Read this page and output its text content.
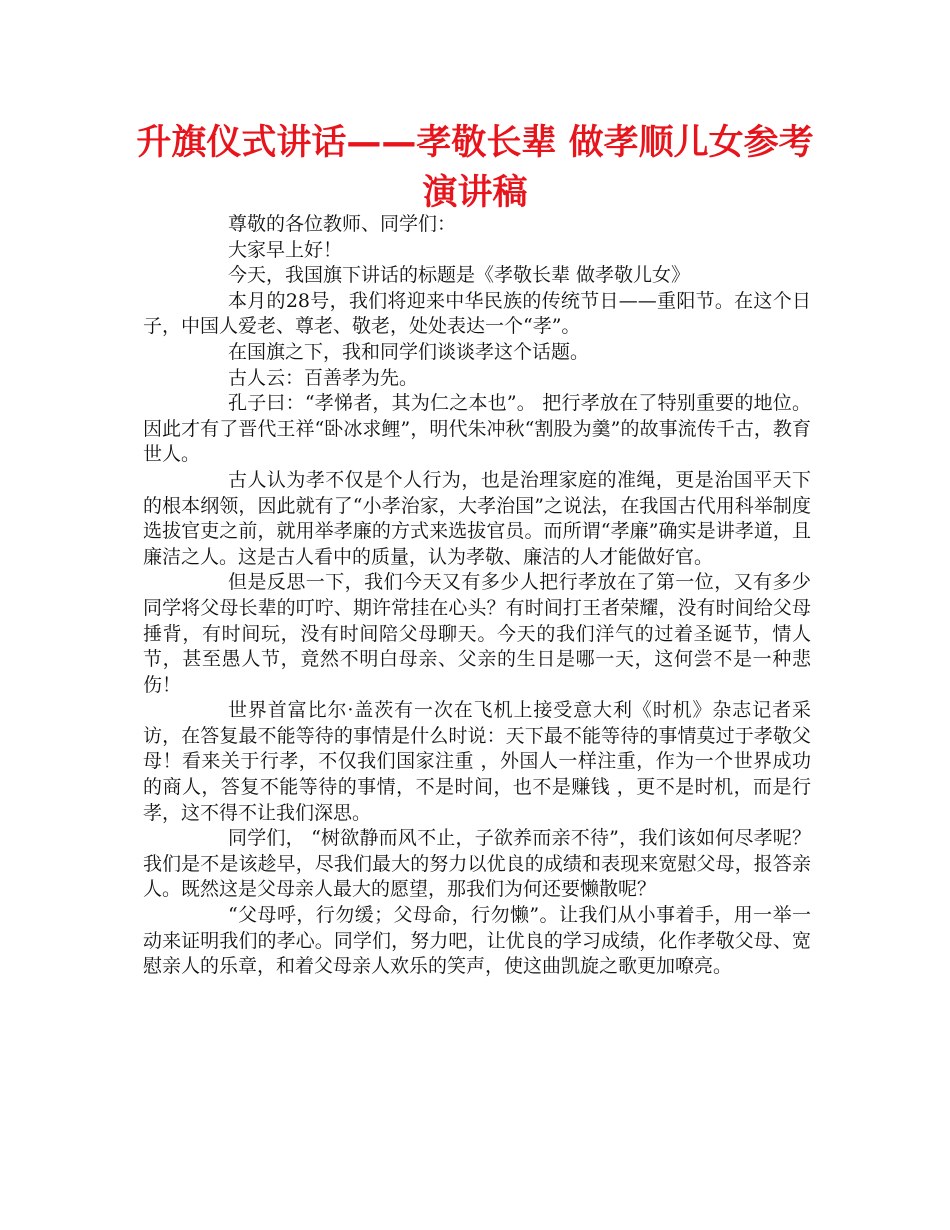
升旗仪式讲话——孝敬长辈 做孝顺儿女参考演讲稿

尊敬的各位教师、同学们：

大家早上好！

今天，我国旗下讲话的标题是《孝敬长辈 做孝敬儿女》

本月的28号，我们将迎来中华民族的传统节日——重阳节。在这个日子，中国人爱老、尊老、敬老，处处表达一个“孝”。

在国旗之下，我和同学们谈谈孝这个话题。

古人云：百善孝为先。

孔子曰：“孝悌者，其为仁之本也”。 把行孝放在了特别重要的地位。因此才有了晋代王祥“卧冰求鲤”，明代朱冲秋“割股为羹”的故事流传千古，教育世人。

古人认为孝不仅是个人行为，也是治理家庭的准绳，更是治国平天下的根本纲领，因此就有了“小孝治家，大孝治国”之说法，在我国古代用科举制度选拔官吏之前，就用举孝廉的方式来选拔官员。而所谓“孝廉”确实是讲孝道，且廉洁之人。这是古人看中的质量，认为孝敬、廉洁的人才能做好官。

但是反思一下，我们今天又有多少人把行孝放在了第一位，又有多少同学将父母长辈的叮咛、期许常挂在心头？有时间打王者荣耀，没有时间给父母捶背，有时间玩，没有时间陪父母聊天。今天的我们洋气的过着圣诞节，情人节，甚至愚人节，竟然不明白母亲、父亲的生日是哪一天，这何尝不是一种悲伤！

世界首富比尔·盖茨有一次在飞机上接受意大利《时机》杂志记者采访，在答复最不能等待的事情是什么时说：天下最不能等待的事情莫过于孝敬父母！看来关于行孝，不仅我们国家注重 ，外国人一样注重，作为一个世界成功的商人，答复不能等待的事情，不是时间，也不是赚钱 ，更不是时机，而是行孝，这不得不让我们深思。

同学们， “树欲静而风不止，子欲养而亲不待”，我们该如何尽孝呢？我们是不是该趁早，尽我们最大的努力以优良的成绩和表现来宽慰父母，报答亲人。既然这是父母亲人最大的愿望，那我们为何还要懒散呢？

“父母呼，行勿缓；父母命，行勿懒”。让我们从小事着手，用一举一动来证明我们的孝心。同学们，努力吧，让优良的学习成绩，化作孝敬父母、宽慰亲人的乐章，和着父母亲人欢乐的笑声，使这曲凯旋之歌更加嘹亮。
